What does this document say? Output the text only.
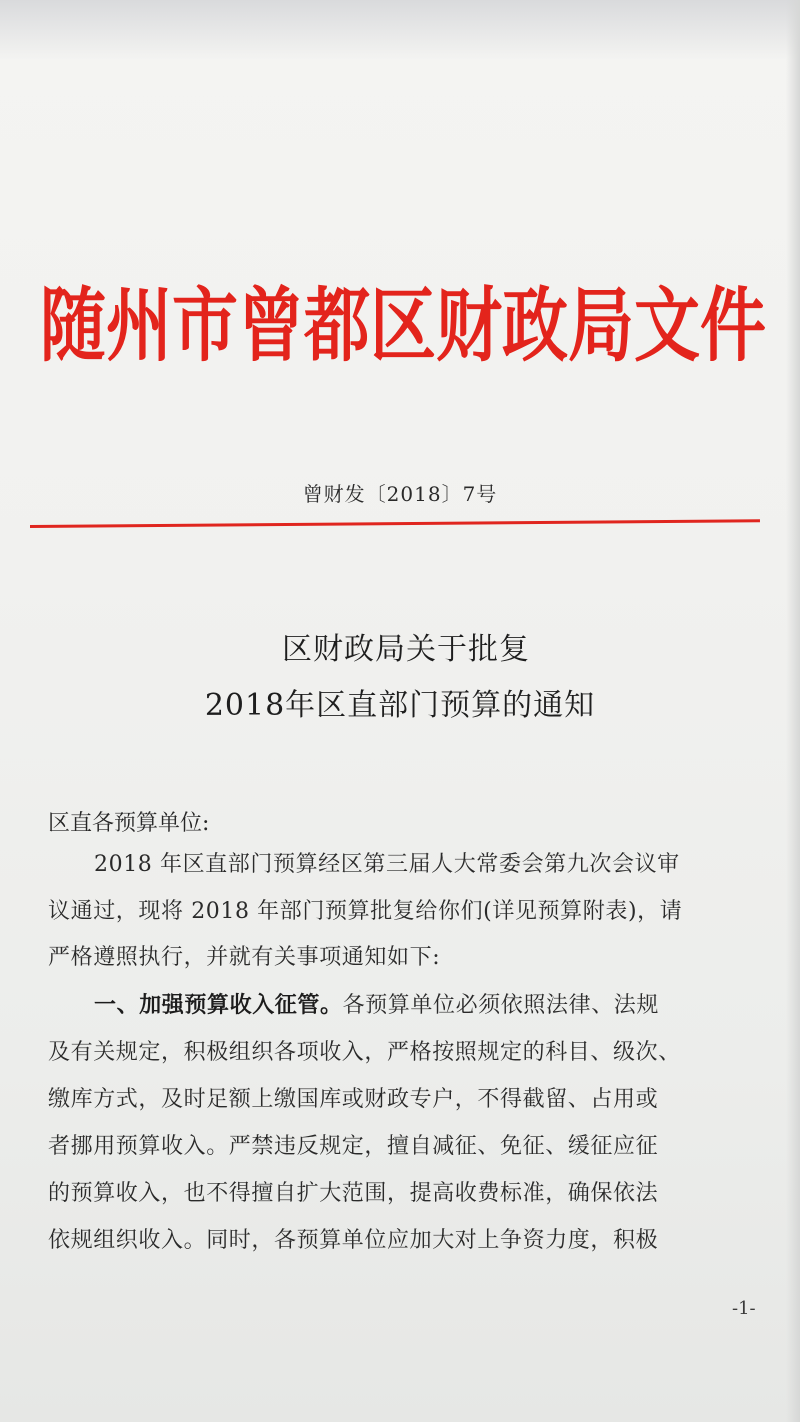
随州市曾都区财政局文件
曾财发〔2018〕7号
区财政局关于批复
2018年区直部门预算的通知
区直各预算单位:
2018 年区直部门预算经区第三届人大常委会第九次会议审
议通过，现将 2018 年部门预算批复给你们(详见预算附表)，请
严格遵照执行，并就有关事项通知如下:
一、加强预算收入征管。各预算单位必须依照法律、法规
及有关规定，积极组织各项收入，严格按照规定的科目、级次、
缴库方式，及时足额上缴国库或财政专户，不得截留、占用或
者挪用预算收入。严禁违反规定，擅自减征、免征、缓征应征
的预算收入，也不得擅自扩大范围，提高收费标准，确保依法
依规组织收入。同时，各预算单位应加大对上争资力度，积极
-1-
